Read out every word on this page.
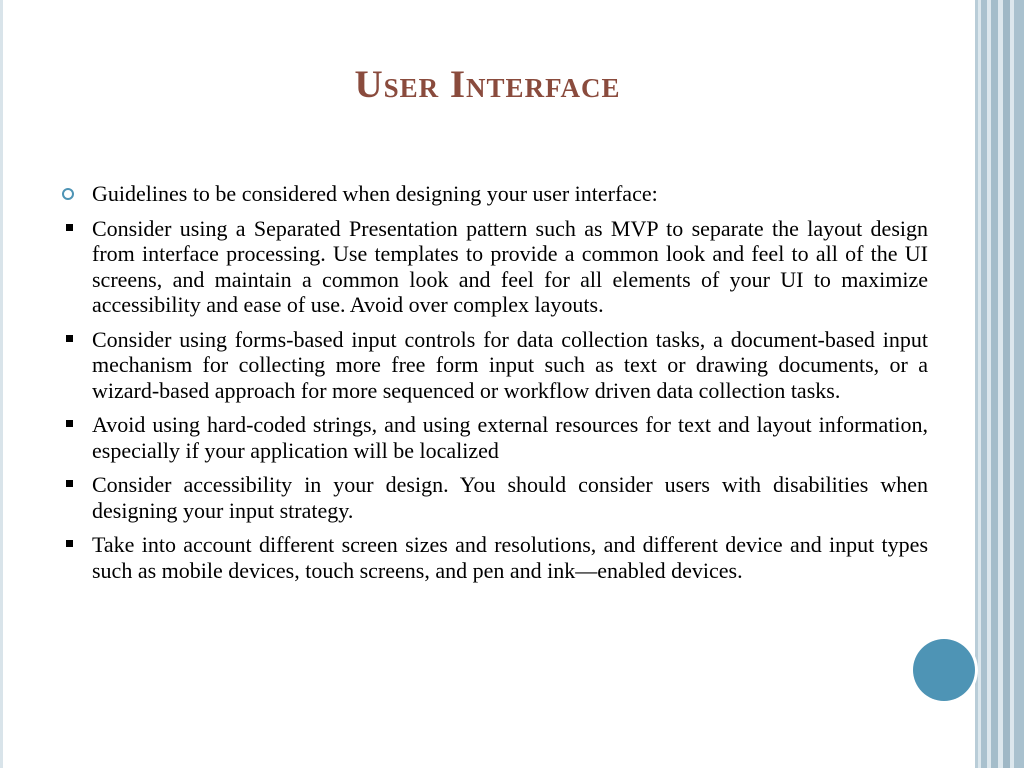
User Interface
Guidelines to be considered when designing your user interface:
Consider using a Separated Presentation pattern such as MVP to separate the layout design from interface processing. Use templates to provide a common look and feel to all of the UI screens, and maintain a common look and feel for all elements of your UI to maximize accessibility and ease of use. Avoid over complex layouts.
Consider using forms-based input controls for data collection tasks, a document-based input mechanism for collecting more free form input such as text or drawing documents, or a wizard-based approach for more sequenced or workflow driven data collection tasks.
Avoid using hard-coded strings, and using external resources for text and layout information, especially if your application will be localized
Consider accessibility in your design. You should consider users with disabilities when designing your input strategy.
Take into account different screen sizes and resolutions, and different device and input types such as mobile devices, touch screens, and pen and ink—enabled devices.
